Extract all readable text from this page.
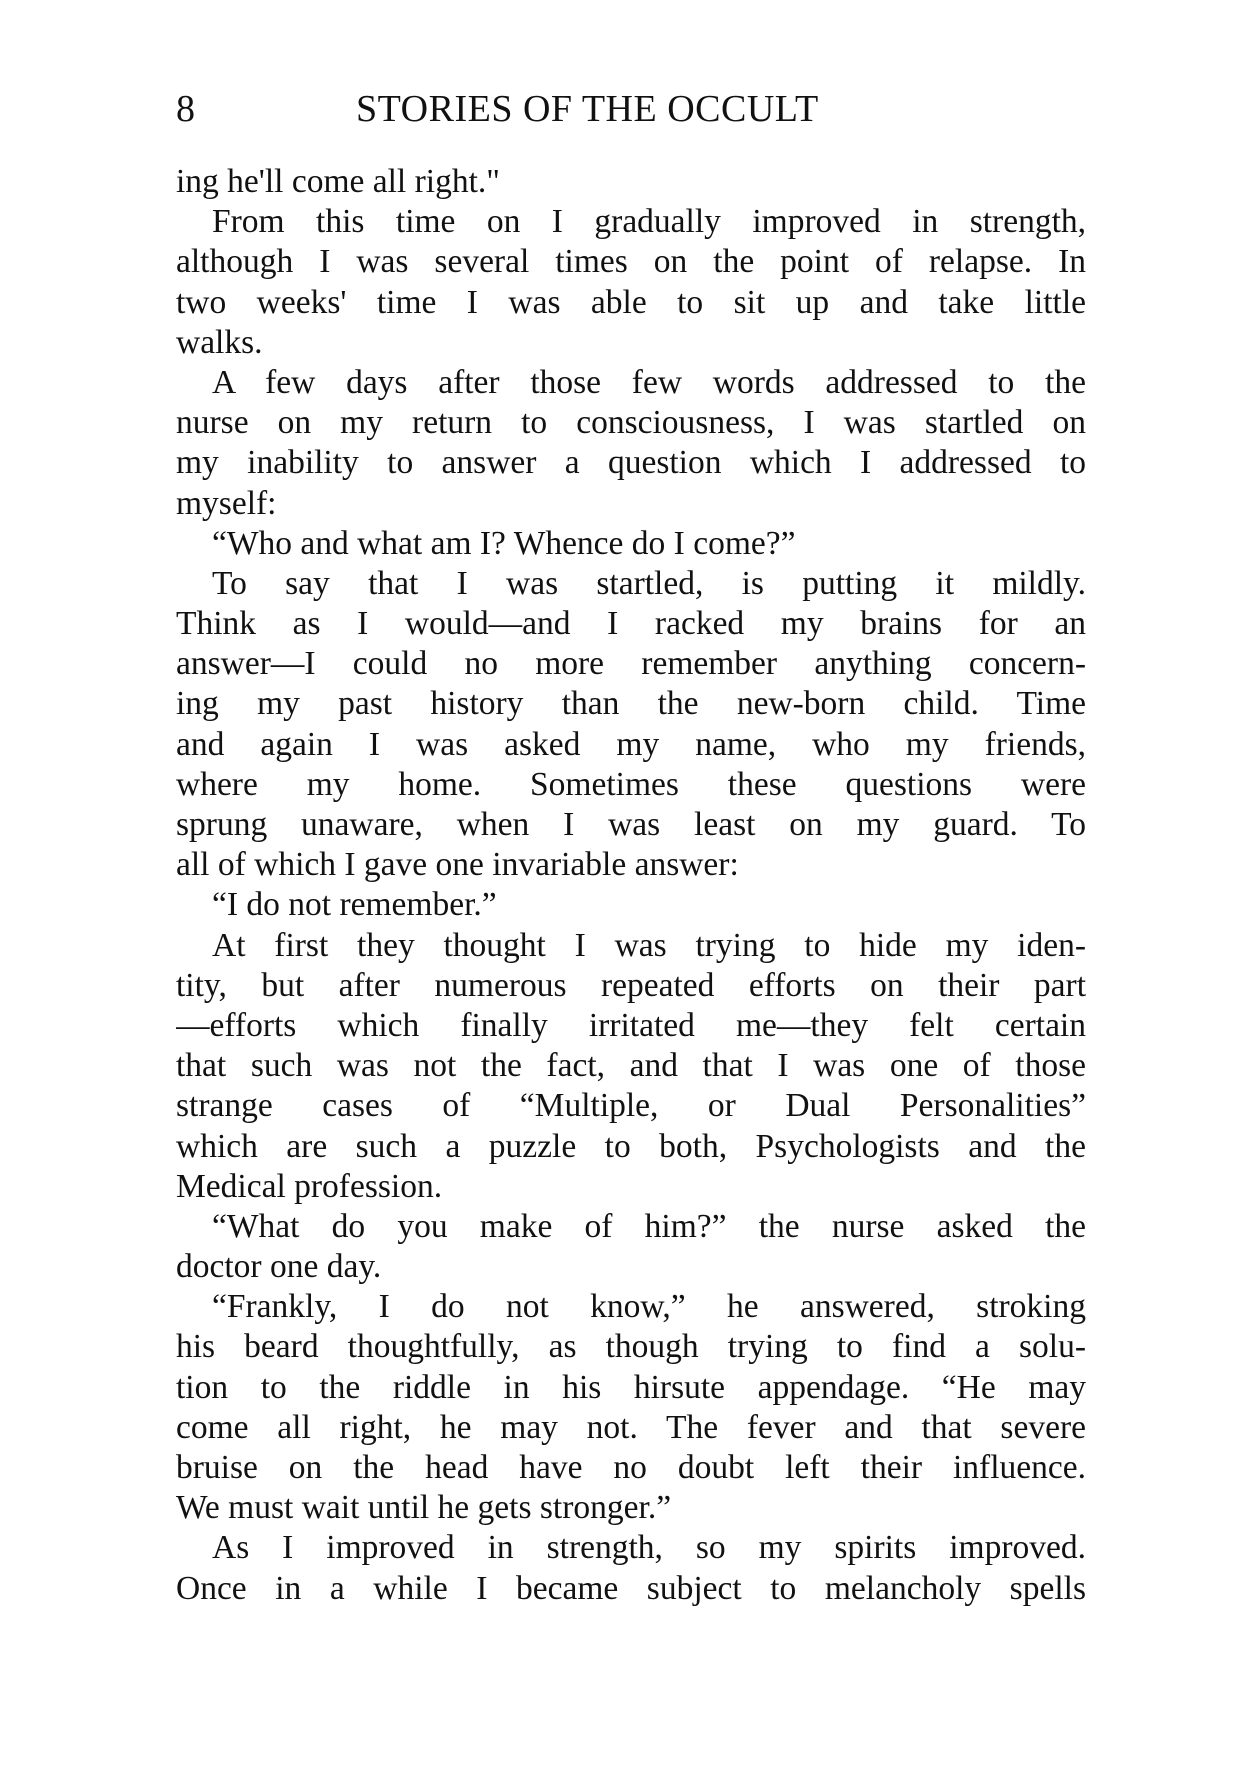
8	STORIES OF THE OCCULT
ing he'll come all right."
From this time on I gradually improved in strength,
although I was several times on the point of relapse. In
two weeks' time I was able to sit up and take little
walks.
A few days after those few words addressed to the
nurse on my return to consciousness, I was startled on
my inability to answer a question which I addressed to
myself:
“Who and what am I? Whence do I come?”
To say that I was startled, is putting it mildly.
Think as I would—and I racked my brains for an
answer—I could no more remember anything concern-
ing my past history than the new-born child. Time
and again I was asked my name, who my friends,
where my home. Sometimes these questions were
sprung unaware, when I was least on my guard. To
all of which I gave one invariable answer:
“I do not remember.”
At first they thought I was trying to hide my iden-
tity, but after numerous repeated efforts on their part
—efforts which finally irritated me—they felt certain
that such was not the fact, and that I was one of those
strange cases of “Multiple, or Dual Personalities”
which are such a puzzle to both, Psychologists and the
Medical profession.
“What do you make of him?” the nurse asked the
doctor one day.
“Frankly, I do not know,” he answered, stroking
his beard thoughtfully, as though trying to find a solu-
tion to the riddle in his hirsute appendage. “He may
come all right, he may not. The fever and that severe
bruise on the head have no doubt left their influence.
We must wait until he gets stronger.”
As I improved in strength, so my spirits improved.
Once in a while I became subject to melancholy spells
